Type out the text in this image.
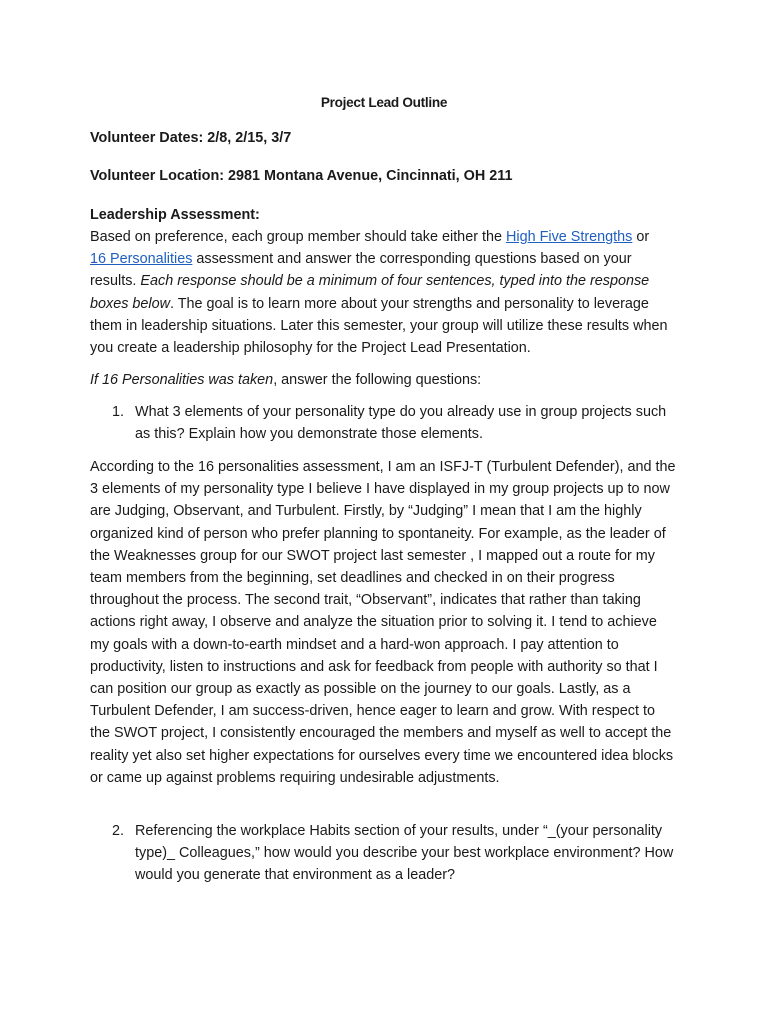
Project Lead Outline
Volunteer Dates: 2/8, 2/15, 3/7
Volunteer Location: 2981 Montana Avenue, Cincinnati, OH 211
Leadership Assessment:
Based on preference, each group member should take either the High Five Strengths or
16 Personalities assessment and answer the corresponding questions based on your results. Each response should be a minimum of four sentences, typed into the response boxes below. The goal is to learn more about your strengths and personality to leverage them in leadership situations. Later this semester, your group will utilize these results when you create a leadership philosophy for the Project Lead Presentation.
If 16 Personalities was taken, answer the following questions:
1. What 3 elements of your personality type do you already use in group projects such as this? Explain how you demonstrate those elements.
According to the 16 personalities assessment, I am an ISFJ-T (Turbulent Defender), and the 3 elements of my personality type I believe I have displayed in my group projects up to now are Judging, Observant, and Turbulent. Firstly, by “Judging” I mean that I am the highly organized kind of person who prefer planning to spontaneity. For example, as the leader of the Weaknesses group for our SWOT project last semester , I mapped out a route for my team members from the beginning, set deadlines and checked in on their progress throughout the process. The second trait, “Observant”, indicates that rather than taking actions right away, I observe and analyze the situation prior to solving it. I tend to achieve my goals with a down-to-earth mindset and a hard-won approach. I pay attention to productivity, listen to instructions and ask for feedback from people with authority so that I can position our group as exactly as possible on the journey to our goals. Lastly, as a Turbulent Defender, I am success-driven, hence eager to learn and grow. With respect to the SWOT project, I consistently encouraged the members and myself as well to accept the reality yet also set higher expectations for ourselves every time we encountered idea blocks or came up against problems requiring undesirable adjustments.
2. Referencing the workplace Habits section of your results, under “_(your personality type)_ Colleagues,” how would you describe your best workplace environment? How would you generate that environment as a leader?
